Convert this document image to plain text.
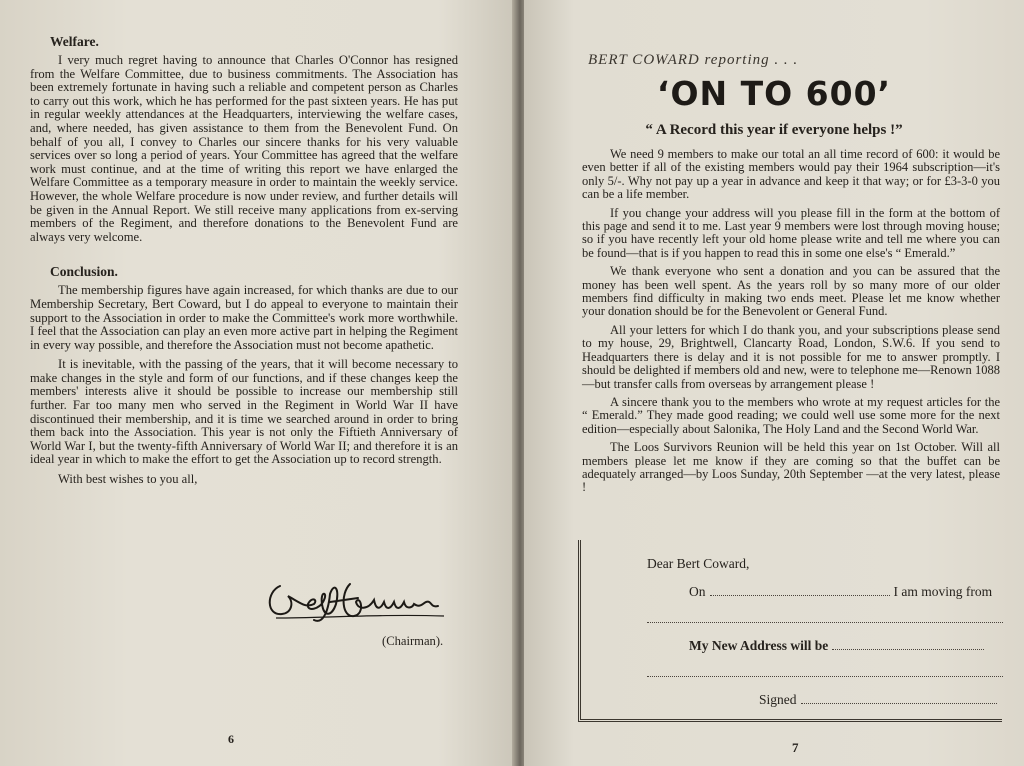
Welfare.

I very much regret having to announce that Charles O'Connor has resigned from the Welfare Committee, due to business commitments. The Association has been extremely fortunate in having such a reliable and competent person as Charles to carry out this work, which he has performed for the past sixteen years. He has put in regular weekly attendances at the Headquarters, interviewing the welfare cases, and, where needed, has given assistance to them from the Benevolent Fund. On behalf of you all, I convey to Charles our sincere thanks for his very valuable services over so long a period of years. Your Committee has agreed that the welfare work must continue, and at the time of writing this report we have enlarged the Welfare Committee as a temporary measure in order to maintain the weekly service. However, the whole Welfare procedure is now under review, and further details will be given in the Annual Report. We still receive many applications from ex-serving members of the Regiment, and therefore donations to the Benevolent Fund are always very welcome.

Conclusion.

The membership figures have again increased, for which thanks are due to our Membership Secretary, Bert Coward, but I do appeal to everyone to maintain their support to the Association in order to make the Committee's work more worthwhile. I feel that the Association can play an even more active part in helping the Regiment in every way possible, and therefore the Association must not become apathetic.

It is inevitable, with the passing of the years, that it will become necessary to make changes in the style and form of our functions, and if these changes keep the members' interests alive it should be possible to increase our membership still further. Far too many men who served in the Regiment in World War II have discontinued their membership, and it is time we searched around in order to bring them back into the Association. This year is not only the Fiftieth Anniversary of World War I, but the twenty-fifth Anniversary of World War II; and therefore it is an ideal year in which to make the effort to get the Association up to record strength.

With best wishes to you all,

(Chairman).
6
BERT COWARD reporting . . .
‘ON TO 600’
“ A Record this year if everyone helps !”

We need 9 members to make our total an all time record of 600: it would be even better if all of the existing members would pay their 1964 subscription—it's only 5/-. Why not pay up a year in advance and keep it that way; or for £3-3-0 you can be a life member.

If you change your address will you please fill in the form at the bottom of this page and send it to me. Last year 9 members were lost through moving house; so if you have recently left your old home please write and tell me where you can be found—that is if you happen to read this in some one else's “ Emerald.”

We thank everyone who sent a donation and you can be assured that the money has been well spent. As the years roll by so many more of our older members find difficulty in making two ends meet. Please let me know whether your donation should be for the Benevolent or General Fund.

All your letters for which I do thank you, and your subscriptions please send to my house, 29, Brightwell, Clancarty Road, London, S.W.6. If you send to Headquarters there is delay and it is not possible for me to answer promptly. I should be delighted if members old and new, were to telephone me—Renown 1088—but transfer calls from overseas by arrangement please !

A sincere thank you to the members who wrote at my request articles for the “ Emerald.” They made good reading; we could well use some more for the next edition—especially about Salonika, The Holy Land and the Second World War.

The Loos Survivors Reunion will be held this year on 1st October. Will all members please let me know if they are coming so that the buffet can be adequately arranged—by Loos Sunday, 20th September —at the very latest, please !

Dear Bert Coward,
On	I am moving from
My New Address will be
Signed
7
